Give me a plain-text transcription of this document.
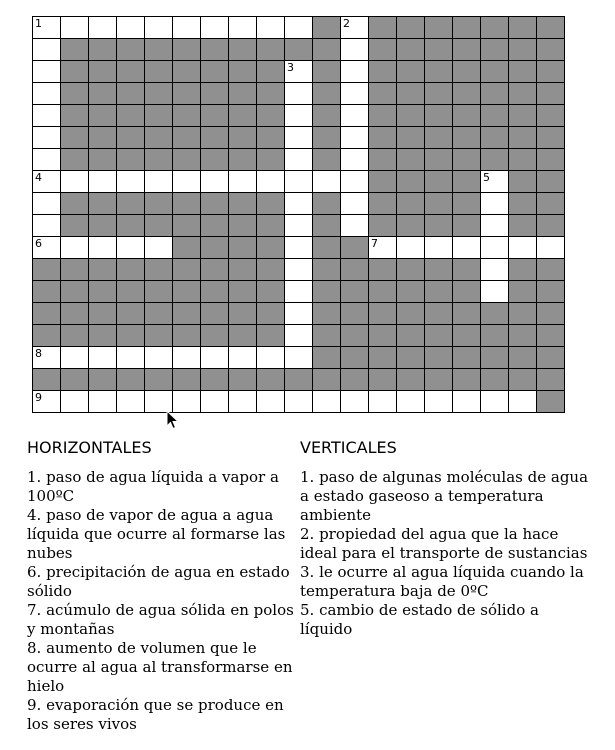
1	2
3
4	5
6	7
8
9
HORIZONTALES
1. paso de agua líquida a vapor a 100ºC
4. paso de vapor de agua a agua líquida que ocurre al formarse las nubes
6. precipitación de agua en estado sólido
7. acúmulo de agua sólida en polos y montañas
8. aumento de volumen que le ocurre al agua al transformarse en hielo
9. evaporación que se produce en los seres vivos
VERTICALES
1. paso de algunas moléculas de agua a estado gaseoso a temperatura ambiente
2. propiedad del agua que la hace ideal para el transporte de sustancias
3. le ocurre al agua líquida cuando la temperatura baja de 0ºC
5. cambio de estado de sólido a líquido
